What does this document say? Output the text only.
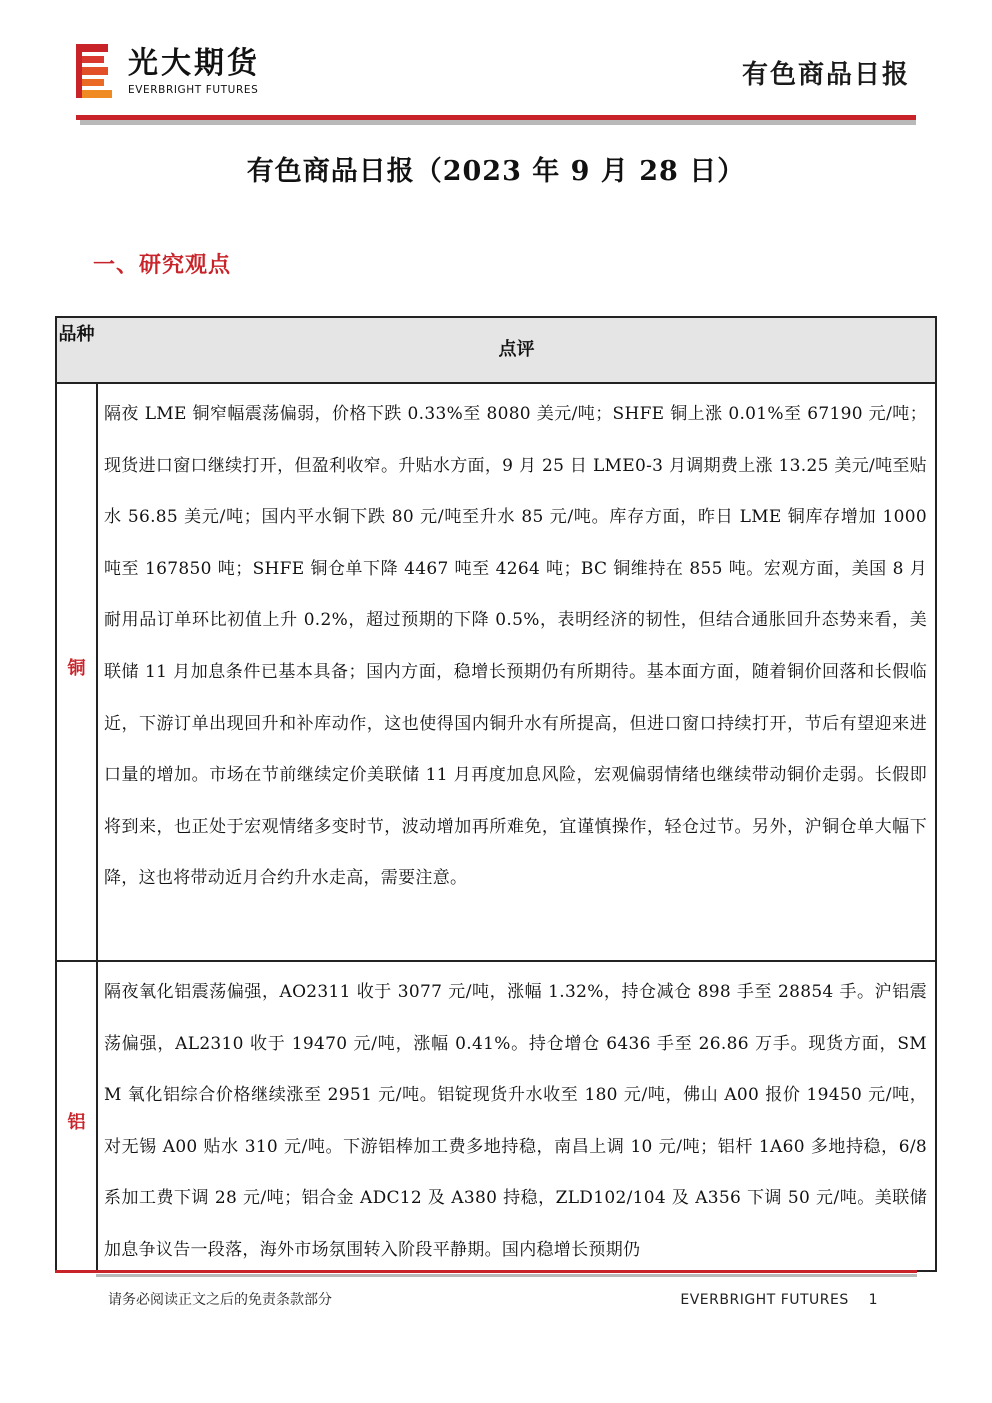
光大期货
EVERBRIGHT FUTURES	有色商品日报
有色商品日报（2023 年 9 月 28 日）
一、研究观点
品种
点评
铜
隔夜 LME 铜窄幅震荡偏弱，价格下跌 0.33%至 8080 美元/吨；SHFE 铜上涨 0.01%至 67190 元/吨；现货进口窗口继续打开，但盈利收窄。升贴水方面，9 月 25 日 LME0-3 月调期费上涨 13.25 美元/吨至贴水 56.85 美元/吨；国内平水铜下跌 80 元/吨至升水 85 元/吨。库存方面，昨日 LME 铜库存增加 1000 吨至 167850 吨；SHFE 铜仓单下降 4467 吨至 4264 吨；BC 铜维持在 855 吨。宏观方面，美国 8 月耐用品订单环比初值上升 0.2%，超过预期的下降 0.5%，表明经济的韧性，但结合通胀回升态势来看，美联储 11 月加息条件已基本具备；国内方面，稳增长预期仍有所期待。基本面方面，随着铜价回落和长假临近，下游订单出现回升和补库动作，这也使得国内铜升水有所提高，但进口窗口持续打开，节后有望迎来进口量的增加。市场在节前继续定价美联储 11 月再度加息风险，宏观偏弱情绪也继续带动铜价走弱。长假即将到来，也正处于宏观情绪多变时节，波动增加再所难免，宜谨慎操作，轻仓过节。另外，沪铜仓单大幅下降，这也将带动近月合约升水走高，需要注意。
铝
隔夜氧化铝震荡偏强，AO2311 收于 3077 元/吨，涨幅 1.32%，持仓减仓 898 手至 28854 手。沪铝震荡偏强，AL2310 收于 19470 元/吨，涨幅 0.41%。持仓增仓 6436 手至 26.86 万手。现货方面，SMM 氧化铝综合价格继续涨至 2951 元/吨。铝锭现货升水收至 180 元/吨，佛山 A00 报价 19450 元/吨，对无锡 A00 贴水 310 元/吨。下游铝棒加工费多地持稳，南昌上调 10 元/吨；铝杆 1A60 多地持稳，6/8 系加工费下调 28 元/吨；铝合金 ADC12 及 A380 持稳，ZLD102/104 及 A356 下调 50 元/吨。美联储加息争议告一段落，海外市场氛围转入阶段平静期。国内稳增长预期仍
请务必阅读正文之后的免责条款部分	EVERBRIGHT FUTURES 1
